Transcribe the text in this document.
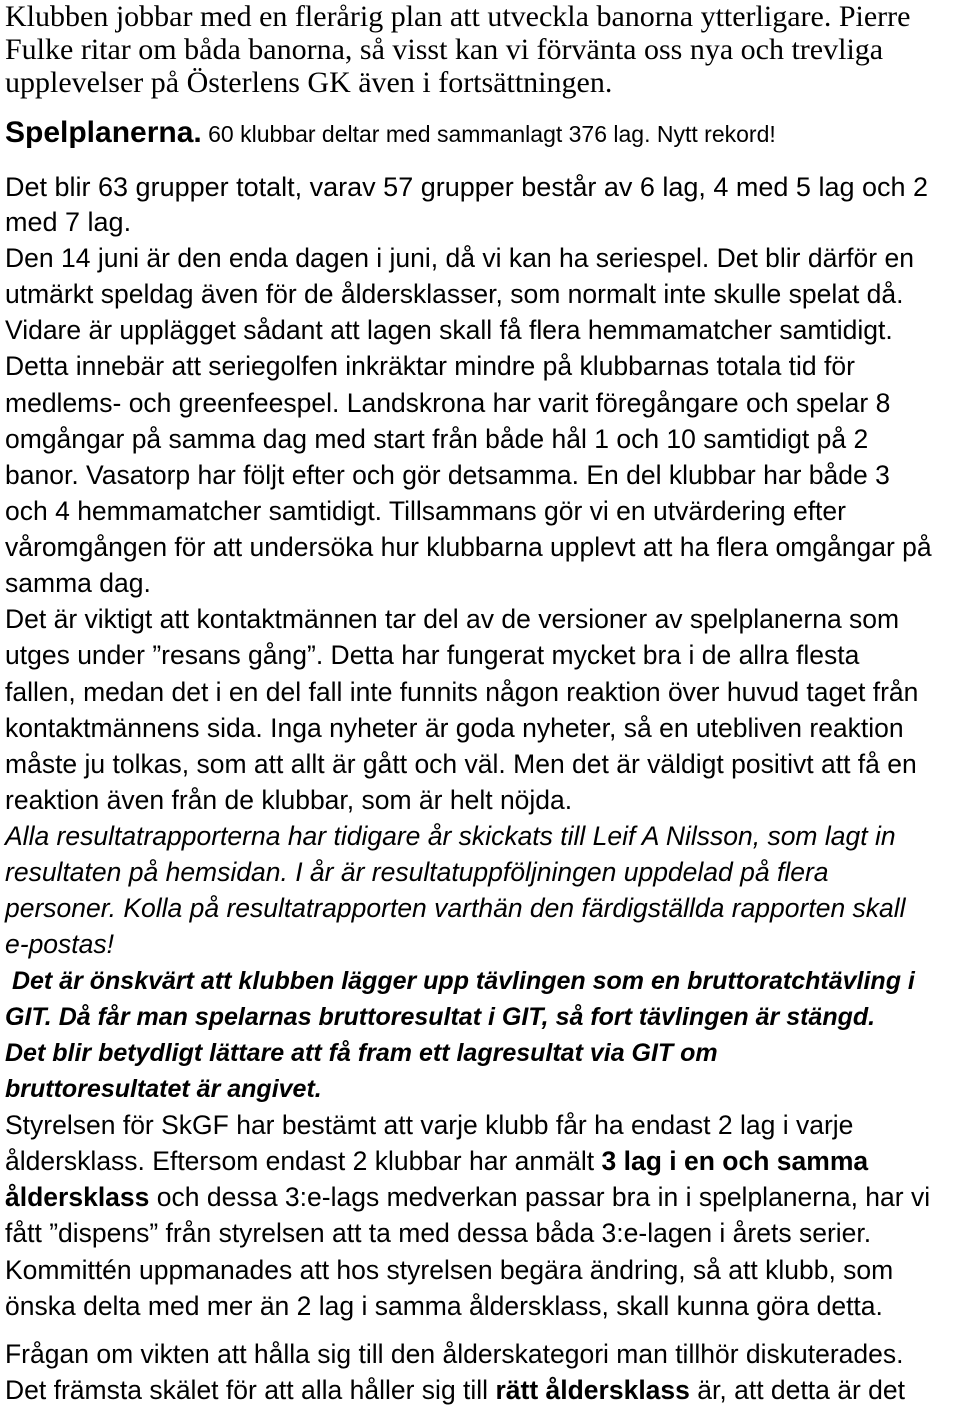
Klubben jobbar med en flerårig plan att utveckla banorna ytterligare. Pierre
Fulke ritar om båda banorna, så visst kan vi förvänta oss nya och trevliga
upplevelser på Österlens GK även i fortsättningen.
Spelplanerna. 60 klubbar deltar med sammanlagt 376 lag. Nytt rekord!
Det blir 63 grupper totalt, varav 57 grupper består av 6 lag, 4 med 5 lag och 2
med 7 lag.
Den 14 juni är den enda dagen i juni, då vi kan ha seriespel. Det blir därför en
utmärkt speldag även för de åldersklasser, som normalt inte skulle spelat då.
Vidare är upplägget sådant att lagen skall få flera hemmamatcher samtidigt.
Detta innebär att seriegolfen inkräktar mindre på klubbarnas totala tid för
medlems- och greenfeespel. Landskrona har varit föregångare och spelar 8
omgångar på samma dag med start från både hål 1 och 10 samtidigt på 2
banor. Vasatorp har följt efter och gör detsamma. En del klubbar har både 3
och 4 hemmamatcher samtidigt. Tillsammans gör vi en utvärdering efter
våromgången för att undersöka hur klubbarna upplevt att ha flera omgångar på
samma dag.
Det är viktigt att kontaktmännen tar del av de versioner av spelplanerna som
utges under ”resans gång”. Detta har fungerat mycket bra i de allra flesta
fallen, medan det i en del fall inte funnits någon reaktion över huvud taget från
kontaktmännens sida. Inga nyheter är goda nyheter, så en utebliven reaktion
måste ju tolkas, som att allt är gått och väl. Men det är väldigt positivt att få en
reaktion även från de klubbar, som är helt nöjda.
Alla resultatrapporterna har tidigare år skickats till Leif A Nilsson, som lagt in
resultaten på hemsidan. I år är resultatuppföljningen uppdelad på flera
personer. Kolla på resultatrapporten varthän den färdigställda rapporten skall
e-postas!
Det är önskvärt att klubben lägger upp tävlingen som en bruttoratchtävling i
GIT. Då får man spelarnas bruttoresultat i GIT, så fort tävlingen är stängd.
Det blir betydligt lättare att få fram ett lagresultat via GIT om
bruttoresultatet är angivet.
Styrelsen för SkGF har bestämt att varje klubb får ha endast 2 lag i varje
åldersklass. Eftersom endast 2 klubbar har anmält 3 lag i en och samma
åldersklass och dessa 3:e-lags medverkan passar bra in i spelplanerna, har vi
fått ”dispens” från styrelsen att ta med dessa båda 3:e-lagen i årets serier.
Kommittén uppmanades att hos styrelsen begära ändring, så att klubb, som
önska delta med mer än 2 lag i samma åldersklass, skall kunna göra detta.
Frågan om vikten att hålla sig till den ålderskategori man tillhör diskuterades.
Det främsta skälet för att alla håller sig till rätt åldersklass är, att detta är det
